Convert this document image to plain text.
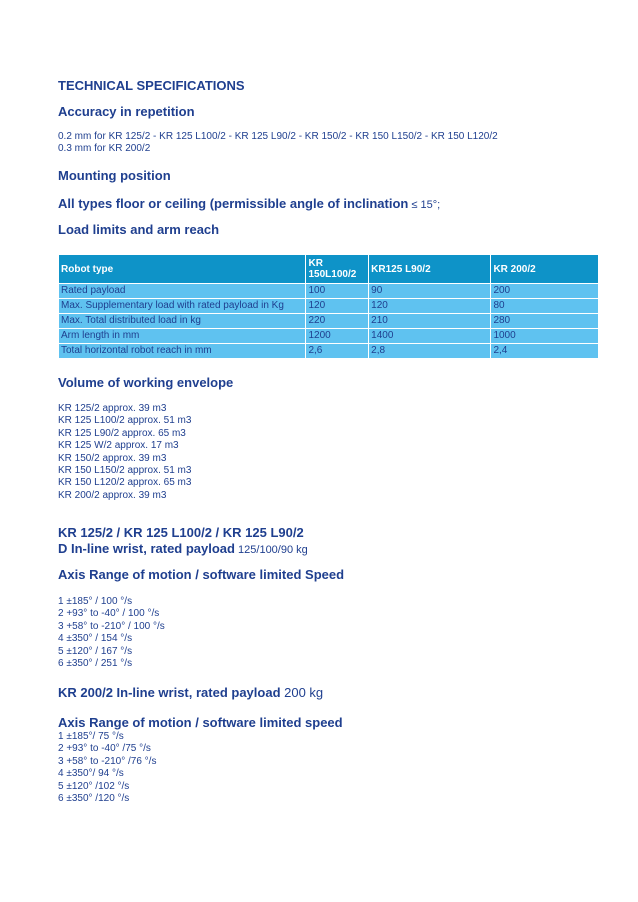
TECHNICAL SPECIFICATIONS
Accuracy in repetition
0.2 mm for KR 125/2 - KR 125 L100/2 - KR 125 L90/2 - KR 150/2 - KR 150 L150/2 - KR 150 L120/2
0.3 mm for KR 200/2
Mounting position
All types floor or ceiling (permissible angle of inclination ≤ 15°;
Load limits and arm reach
Robot type	KR 150L100/2	KR125 L90/2	KR 200/2
Rated payload	100	90	200
Max. Supplementary load with rated payload in Kg	120	120	80
Max. Total distributed load in kg	220	210	280
Arm length in mm	1200	1400	1000
Total horizontal robot reach in mm	2,6	2,8	2,4
Volume of working envelope
KR 125/2 approx. 39 m3
KR 125 L100/2 approx. 51 m3
KR 125 L90/2 approx. 65 m3
KR 125 W/2 approx. 17 m3
KR 150/2 approx. 39 m3
KR 150 L150/2 approx. 51 m3
KR 150 L120/2 approx. 65 m3
KR 200/2 approx. 39 m3
KR 125/2 / KR 125 L100/2 / KR 125 L90/2
D In-line wrist, rated payload 125/100/90 kg
Axis Range of motion / software limited Speed
1 ±185° / 100 °/s
2 +93° to -40° / 100 °/s
3 +58° to -210° / 100 °/s
4 ±350° / 154 °/s
5 ±120° / 167 °/s
6 ±350° / 251 °/s
KR 200/2 In-line wrist, rated payload 200 kg
Axis Range of motion / software limited speed
1 ±185°/ 75 °/s
2 +93° to -40° /75 °/s
3 +58° to -210° /76 °/s
4 ±350°/ 94 °/s
5 ±120° /102 °/s
6 ±350° /120 °/s
